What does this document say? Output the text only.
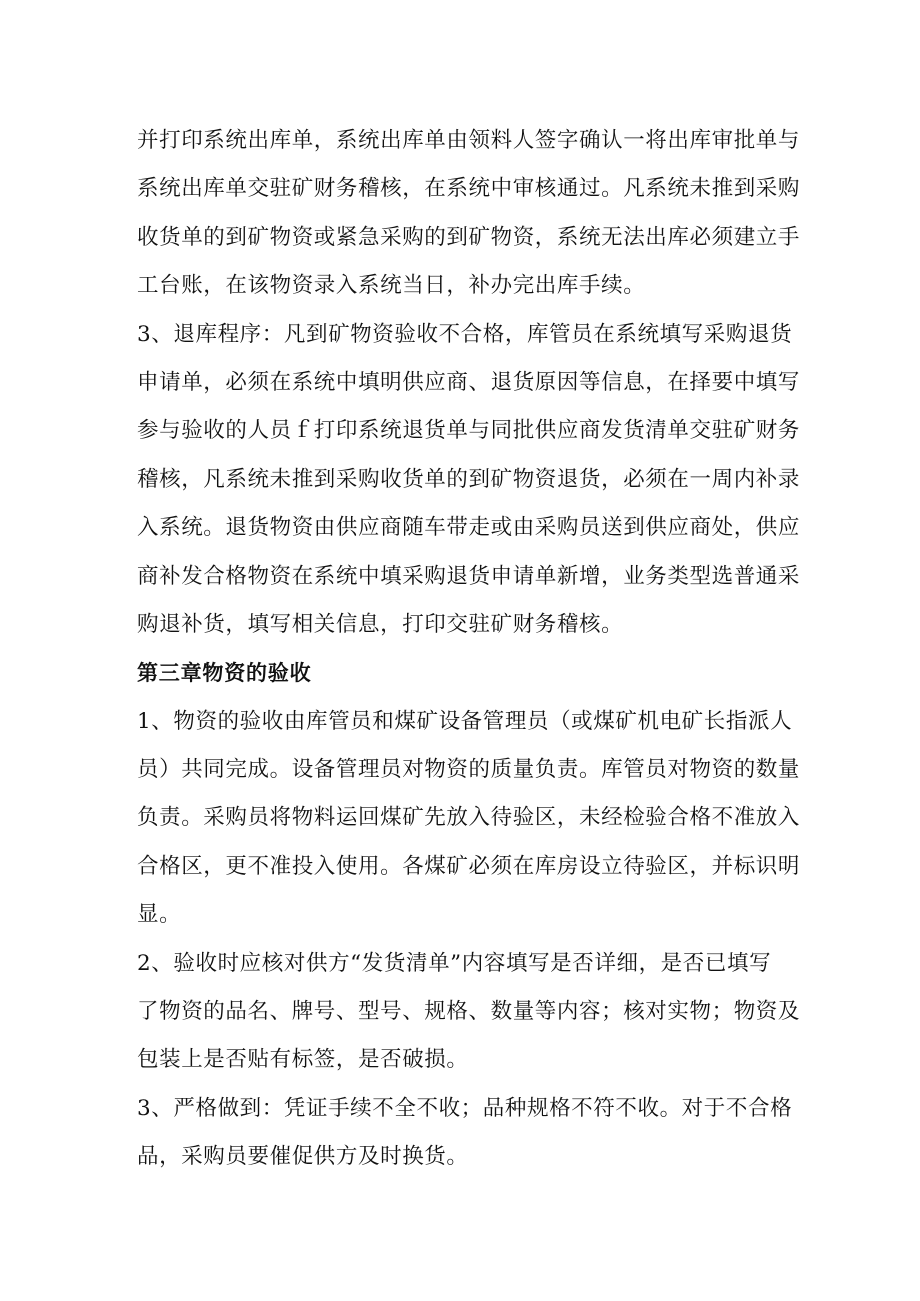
并打印系统出库单，系统出库单由领料人签字确认一将出库审批单与
系统出库单交驻矿财务稽核，在系统中审核通过。凡系统未推到采购
收货单的到矿物资或紧急采购的到矿物资，系统无法出库必须建立手
工台账，在该物资录入系统当日，补办完出库手续。
3、退库程序：凡到矿物资验收不合格，库管员在系统填写采购退货
申请单，必须在系统中填明供应商、退货原因等信息，在择要中填写
参与验收的人员ｆ打印系统退货单与同批供应商发货清单交驻矿财务
稽核，凡系统未推到采购收货单的到矿物资退货，必须在一周内补录
入系统。退货物资由供应商随车带走或由采购员送到供应商处，供应
商补发合格物资在系统中填采购退货申请单新增，业务类型选普通采
购退补货，填写相关信息，打印交驻矿财务稽核。
第三章物资的验收
1、物资的验收由库管员和煤矿设备管理员（或煤矿机电矿长指派人
员）共同完成。设备管理员对物资的质量负责。库管员对物资的数量
负责。采购员将物料运回煤矿先放入待验区，未经检验合格不准放入
合格区，更不准投入使用。各煤矿必须在库房设立待验区，并标识明
显。
2、验收时应核对供方“发货清单”内容填写是否详细，是否已填写
了物资的品名、牌号、型号、规格、数量等内容；核对实物；物资及
包装上是否贴有标签，是否破损。
3、严格做到：凭证手续不全不收；品种规格不符不收。对于不合格
品，采购员要催促供方及时换货。
